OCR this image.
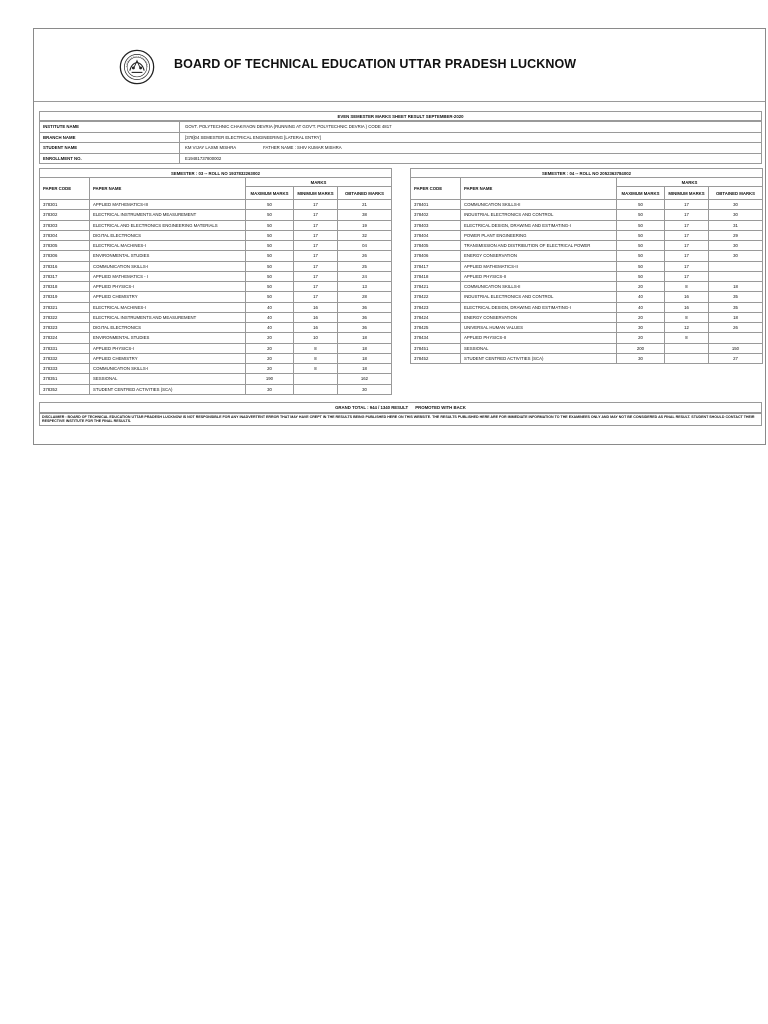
BOARD OF TECHNICAL EDUCATION UTTAR PRADESH LUCKNOW
EVEN SEMESTER MARKS SHEET RESULT SEPTEMBER-2020
INSTITUTE NAME	GOVT. POLYTECHNIC CHAKIYAON DEVRIA (RUNNING AT GOV'T. POLYTECHNIC DEVRIA ) CODE 4817
BRANCH NAME	[378]04 SEMESTER ELECTRICAL ENGINEERING [LATERAL ENTRY]
STUDENT NAME	KM VIJAY LAXMI MISHRA FATHER NAME : SHIV KUMAR MISHRA
ENROLLMENT NO.	E19481737800002
SEMESTER : 03 -- ROLL NO 1937832263002				
PAPER CODE	PAPER NAME	MARKS		
		MAXIMUM MARKS	MINIMUM MARKS	OBTAINED MARKS
378301	APPLIED MATHEMATICS-III	50	17	21
378302	ELECTRICAL INSTRUMENTS AND MEASUREMENT	50	17	38
378303	ELECTRICAL AND ELECTRONICS ENGINEERING MATERIALS	50	17	19
378304	DIGITAL ELECTRONICS	50	17	32
378305	ELECTRICAL MACHINES-I	50	17	04
378306	ENVIRONMENTAL STUDIES	50	17	26
378316	COMMUNICATION SKILLS-I	50	17	25
378317	APPLIED MATHEMATICS - I	50	17	24
378318	APPLIED PHYSICS-I	50	17	13
378319	APPLIED CHEMISTRY	50	17	28
378321	ELECTRICAL MACHINES-I	40	16	36
378322	ELECTRICAL INSTRUMENTS AND MEASUREMENT	40	16	36
378323	DIGITAL ELECTRONICS	40	16	36
378324	ENVIRONMENTAL STUDIES	20	10	18
378331	APPLIED PHYSICS-I	20	8	18
378332	APPLIED CHEMISTRY	20	8	18
378333	COMMUNICATION SKILLS-I	20	8	18
378351	SESSIONAL	190		162
378352	STUDENT CENTRED ACTIVITIES (SCA)	30		30
SEMESTER : 04 -- ROLL NO 2052363784002				
PAPER CODE	PAPER NAME	MARKS		
		MAXIMUM MARKS	MINIMUM MARKS	OBTAINED MARKS
378401	COMMUNICATION SKILLS-II	50	17	30
378402	INDUSTRIAL ELECTRONICS AND CONTROL	50	17	30
378403	ELECTRICAL DESIGN, DRAWING AND ESTIMATING-I	50	17	31
378404	POWER PLANT ENGINEERING	50	17	29
378405	TRANSMISSION AND DISTRIBUTION OF ELECTRICAL POWER	50	17	30
378406	ENERGY CONSERVATION	50	17	30
378417	APPLIED MATHEMATICS-II	50	17	
378418	APPLIED PHYSICS-II	50	17	
378421	COMMUNICATION SKILLS-II	20	8	18
378422	INDUSTRIAL ELECTRONICS AND CONTROL	40	16	35
378423	ELECTRICAL DESIGN, DRAWING AND ESTIMATING-I	40	16	35
378424	ENERGY CONSERVATION	20	8	18
378425	UNIVERSAL HUMAN VALUES	30	12	26
378434	APPLIED PHYSICS-II	20	8	
378451	SESSIONAL	200		150
378452	STUDENT CENTRED ACTIVITIES (SCA)	30		27
GRAND TOTAL : 944 / 1340 RESULT PROMOTED WITH BACK
DISCLAIMER : BOARD OF TECHNICAL EDUCATION UTTAR PRADESH LUCKNOW IS NOT RESPONSIBLE FOR ANY INADVERTENT ERROR THAT MAY HAVE CREPT IN THE RESULTS BEING PUBLISHED HERE ON THIS WEBSITE. THE RESULTS PUBLISHED HERE ARE FOR IMMEDIATE INFORMATION TO THE EXAMINEES ONLY AND MAY NOT BE CONSIDERED AS FINAL RESULT. STUDENT SHOULD CONTACT THEIR RESPECTIVE INSTITUTE FOR THE FINAL RESULTS.
